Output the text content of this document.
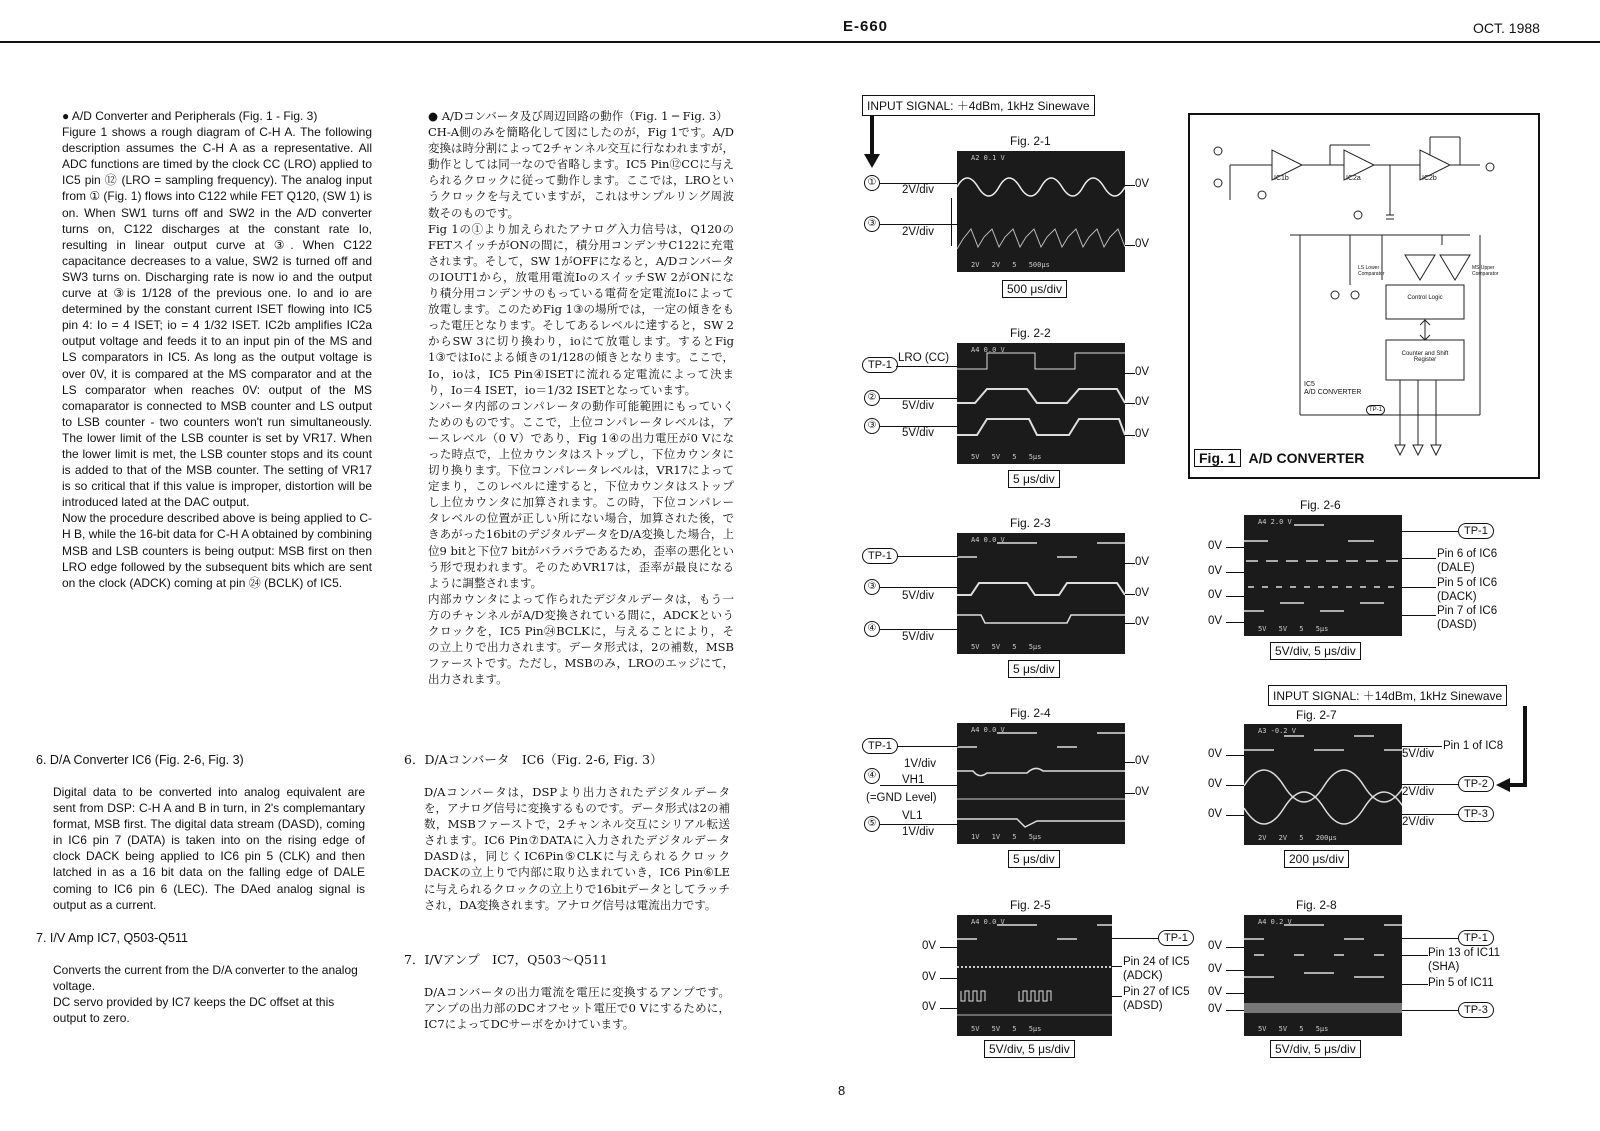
E-660	OCT. 1988

● A/D Converter and Peripherals (Fig. 1 - Fig. 3)

Figure 1 shows a rough diagram of C-H A. The following description assumes the C-H A as a representative. All ADC functions are timed by the clock CC (LRO) applied to IC5 pin ⑫ (LRO = sampling frequency). The analog input from ① (Fig. 1) flows into C122 while FET Q120, (SW 1) is on. When SW1 turns off and SW2 in the A/D converter turns on, C122 discharges at the constant rate Io, resulting in linear output curve at ③. When C122 capacitance decreases to a value, SW2 is turned off and SW3 turns on. Discharging rate is now io and the output curve at ③is 1/128 of the previous one. Io and io are determined by the constant current ISET flowing into IC5 pin 4: Io = 4 ISET; io = 4 1/32 ISET. IC2b amplifies IC2a output voltage and feeds it to an input pin of the MS and LS comparators in IC5. As long as the output voltage is over 0V, it is compared at the MS comparator and at the LS comparator when reaches 0V: output of the MS comaparator is connected to MSB counter and LS output to LSB counter - two counters won't run simultaneously. The lower limit of the LSB counter is set by VR17. When the lower limit is met, the LSB counter stops and its count is added to that of the MSB counter. The setting of VR17 is so critical that if this value is improper, distortion will be introduced lated at the DAC output.

Now the procedure described above is being applied to C-H B, while the 16-bit data for C-H A obtained by combining MSB and LSB counters is being output: MSB first on then LRO edge followed by the subsequent bits which are sent on the clock (ADCK) coming at pin ㉔ (BCLK) of IC5.

6. D/A Converter IC6 (Fig. 2-6, Fig. 3)
Digital data to be converted into analog equivalent are sent from DSP: C-H A and B in turn, in 2's complemantary format, MSB first. The digital data stream (DASD), coming in IC6 pin 7 (DATA) is taken into on the rising edge of clock DACK being applied to IC6 pin 5 (CLK) and then latched in as a 16 bit data on the falling edge of DALE coming to IC6 pin 6 (LEC). The DAed analog signal is output as a current.
7. I/V Amp IC7, Q503-Q511
Converts the current from the D/A converter to the analog voltage.
DC servo provided by IC7 keeps the DC offset at this output to zero.

● A/Dコンバータ及び周辺回路の動作（Fig. 1 ─ Fig. 3）

CH-A側のみを簡略化して図にしたのが，Fig 1です。A/D変換は時分割によって2チャンネル交互に行なわれますが，動作としては同一なので省略します。IC5 Pin⑫CCに与えられるクロックに従って動作します。ここでは，LROというクロックを与えていますが，これはサンプルリング周波数そのものです。

Fig 1の①より加えられたアナログ入力信号は，Q120のFETスイッチがONの間に，積分用コンデンサC122に充電されます。そして，SW 1がOFFになると，A/DコンバータのIOUT1から，放電用電流IoのスイッチSW 2がONになり積分用コンデンサのもっている電荷を定電流Ioによって放電します。このためFig 1③の場所では，一定の傾きをもった電圧となります。そしてあるレベルに達すると，SW 2からSW 3に切り換わり，ioにて放電します。するとFig 1③ではIoによる傾きの1/128の傾きとなります。ここで，Io，ioは，IC5 Pin④ISETに流れる定電流によって決まり，Io＝4 ISET，io＝1/32 ISETとなっています。

ンバータ内部のコンパレータの動作可能範囲にもっていくためのものです。ここで，上位コンパレータレベルは，アースレベル（0 V）であり，Fig 1④の出力電圧が0 Vになった時点で，上位カウンタはストップし，下位カウンタに切り換ります。下位コンパレータレベルは，VR17によって定まり，このレベルに達すると，下位カウンタはストップし上位カウンタに加算されます。この時，下位コンパレータレベルの位置が正しい所にない場合，加算された後，できあがった16bitのデジタルデータをD/A変換した場合，上位9 bitと下位7 bitがバラバラであるため，歪率の悪化という形で現われます。そのためVR17は，歪率が最良になるように調整されます。

内部カウンタによって作られたデジタルデータは，もう一方のチャンネルがA/D変換されている間に，ADCKというクロックを，IC5 Pin㉔BCLKに，与えることにより，その立上りで出力されます。データ形式は，2の補数，MSBファーストです。ただし，MSBのみ，LROのエッジにて，出力されます。

6．D/Aコンバータ　IC6（Fig. 2-6, Fig. 3）
D/Aコンバータは，DSPより出力されたデジタルデータを，アナログ信号に変換するものです。データ形式は2の補数，MSBファーストで，2チャンネル交互にシリアル転送されます。IC6 Pin⑦DATAに入力されたデジタルデータDASDは，同じくIC6Pin⑤CLKに与えられるクロックDACKの立上りで内部に取り込まれていき，IC6 Pin⑥LEに与えられるクロックの立上りで16bitデータとしてラッチされ，DA変換されます。アナログ信号は電流出力です。
7．I/Vアンプ　IC7，Q503〜Q511
D/Aコンバータの出力電流を電圧に変換するアンプです。アンプの出力部のDCオフセット電圧で0 Vにするために，IC7によってDCサーボをかけています。
INPUT SIGNAL: ＋4dBm, 1kHz Sinewave
Fig. 2-1
A2 0.1 V
2V 2V 5 500μs
①
2V/div
③
2V/div
0V
0V
500 μs/div
Fig. 2-2
A4 0.0 V
5V 5V 5 5μs
TP-1
LRO (CC)
②
5V/div
③
5V/div
0V
0V
0V
5 μs/div
Fig. 2-3
A4 0.0 V
5V 5V 5 5μs
TP-1
③
5V/div
④
5V/div
0V
0V
0V
5 μs/div
Fig. 2-4
A4 0.0 V
1V 1V 5 5μs
TP-1
1V/div
④	VH1
(=GND Level)
⑤
VL1
1V/div
0V
0V
5 μs/div
Fig. 2-5
A4 0.0 V
5V 5V 5 5μs
0V
0V
0V
TP-1
Pin 24 of IC5
(ADCK)
Pin 27 of IC5
(ADSD)
5V/div, 5 μs/div
IC1b	IC2a	IC2b
LS Lower Comparator
MS Upper Comparator
Control Logic
Counter and Shift Register
IC5
A/D CONVERTER
TP-1
Fig. 1 A/D CONVERTER
Fig. 2-6
A4 2.0 V
5V 5V 5 5μs
0V
0V
0V
0V
TP-1
Pin 6 of IC6
(DALE)
Pin 5 of IC6
(DACK)
Pin 7 of IC6
(DASD)
5V/div, 5 μs/div
INPUT SIGNAL: ＋14dBm, 1kHz Sinewave
Fig. 2-7
A3 -0.2 V
2V 2V 5 200μs
0V
0V
0V
5V/div
Pin 1 of IC8
2V/div
TP-2
2V/div
TP-3
200 μs/div
Fig. 2-8
A4 0.2 V
5V 5V 5 5μs
0V
0V
0V
0V
TP-1
Pin 13 of IC11
(SHA)
Pin 5 of IC11
TP-3
5V/div, 5 μs/div
8
